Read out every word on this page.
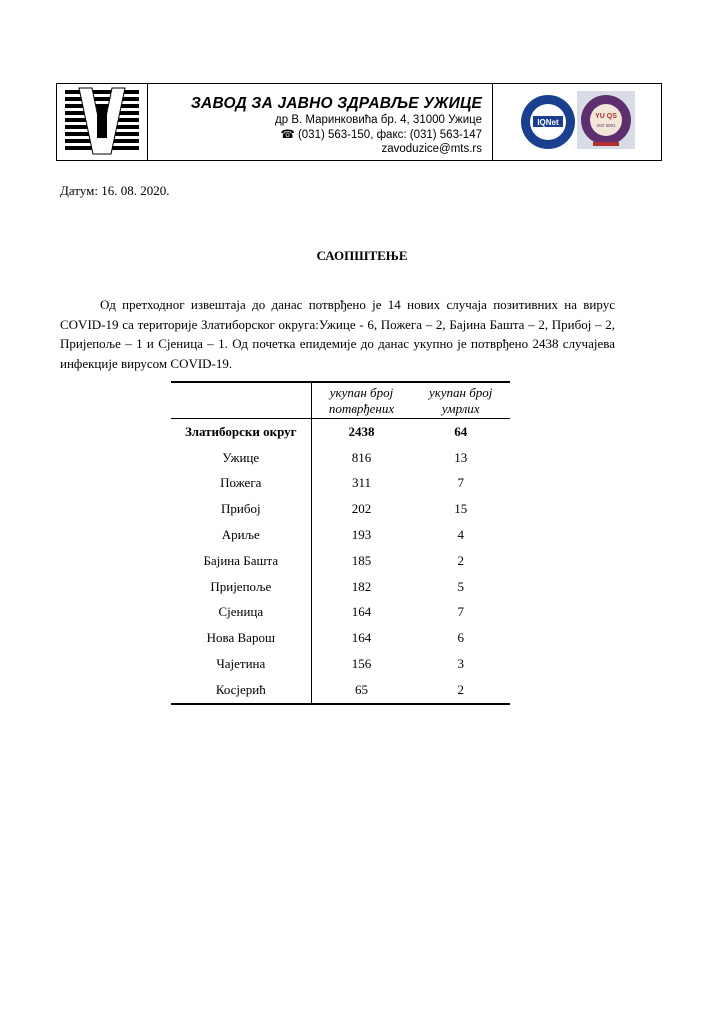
ЗАВОД ЗА ЈАВНО ЗДРАВЉЕ УЖИЦЕ
др В. Маринковића бр. 4, 31000 Ужице
☎ (031) 563-150, факс: (031) 563-147
zavoduzice@mts.rs
IQNet
YU QS
ISO 9001
Датум: 16. 08. 2020.
САОПШТЕЊЕ
Од претходног извештаја до данас потврђено је 14 нових случаја позитивних на вирус COVID-19 са територије Златиборског округа:Ужице - 6, Пожега – 2, Бајина Башта – 2, Прибој – 2, Пријепоље – 1 и Сјеница – 1. Од почетка епидемије до данас укупно је потврђено 2438 случајева инфекције вирусом COVID-19.
	укупан број потврђених	укупан број умрлих
Златиборски округ	2438	64
Ужице	816	13
Пожега	311	7
Прибој	202	15
Ариље	193	4
Бајина Башта	185	2
Пријепоље	182	5
Сјеница	164	7
Нова Варош	164	6
Чајетина	156	3
Косјерић	65	2
